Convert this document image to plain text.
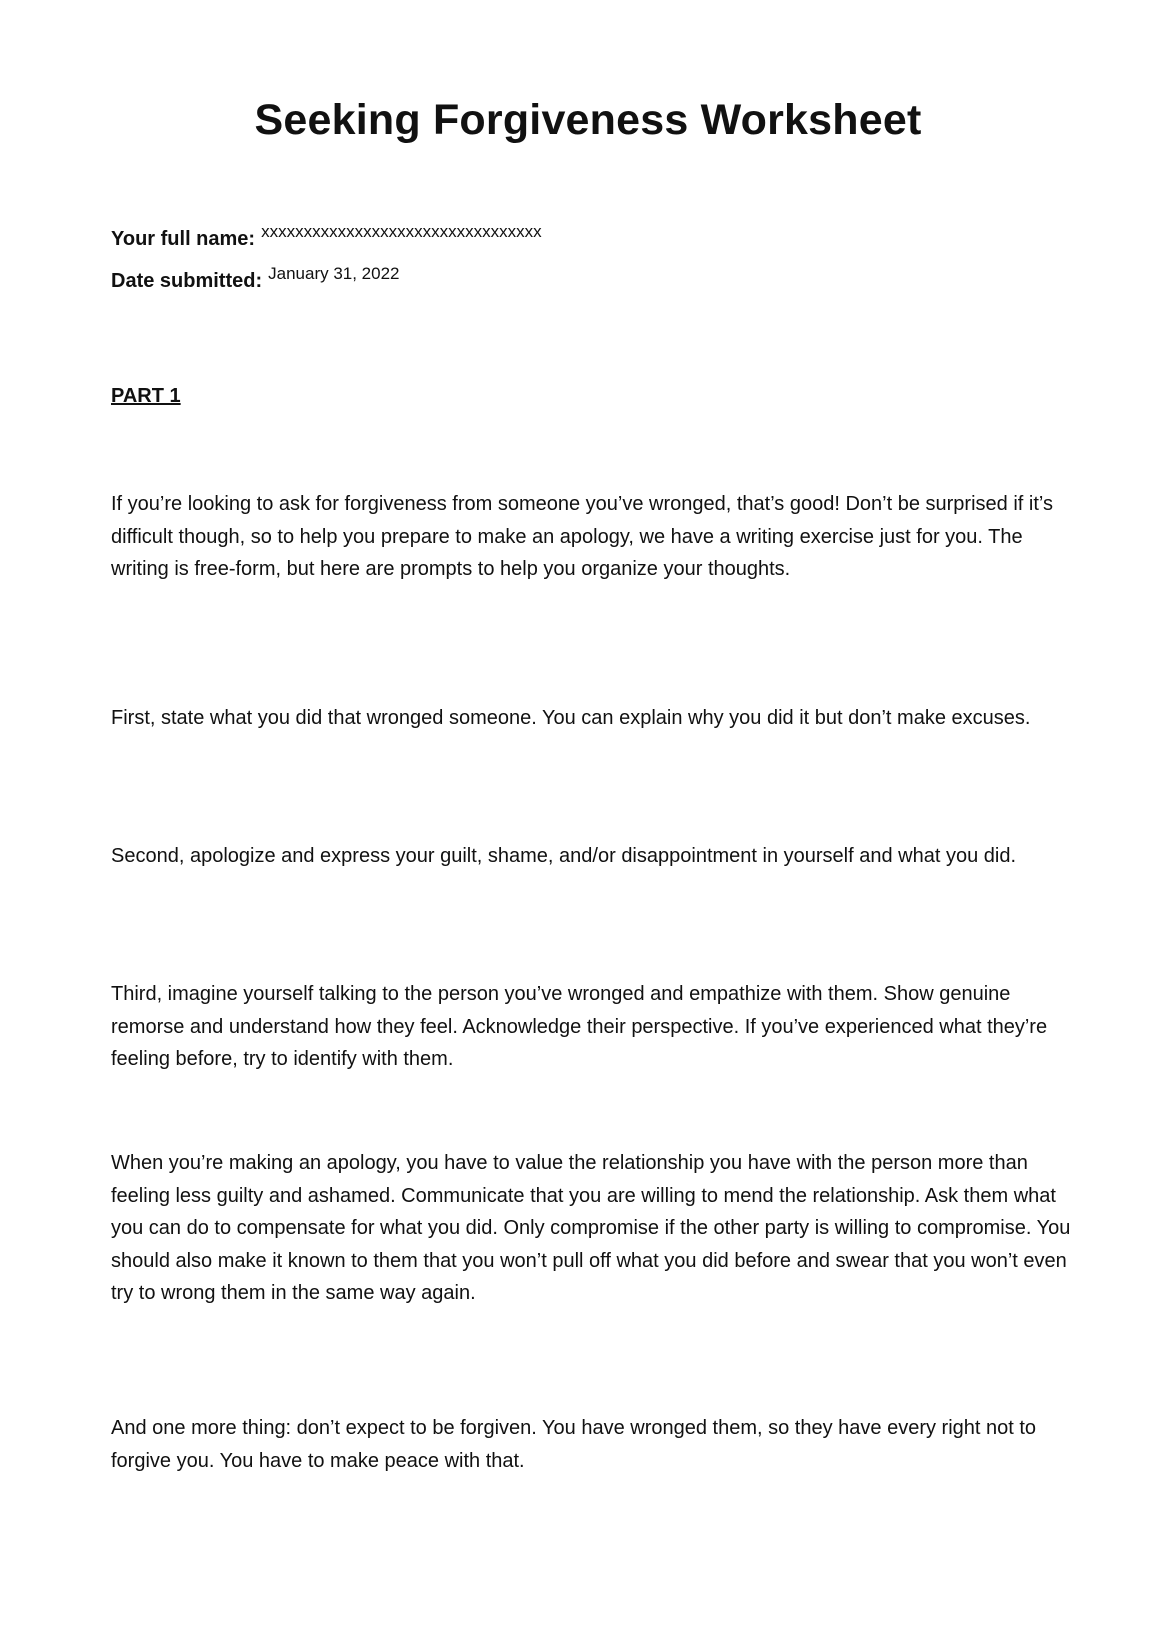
Seeking Forgiveness Worksheet
Your full name: $^{xxxxxxxxxxxxxxxxxxxxxxxxxxxxxxxxx}$
Date submitted: $^{January 31, 2022}$
PART 1

If you’re looking to ask for forgiveness from someone you’ve wronged, that’s good! Don’t be surprised if it’s difficult though, so to help you prepare to make an apology, we have a writing exercise just for you. The writing is free-form, but here are prompts to help you organize your thoughts.

First, state what you did that wronged someone. You can explain why you did it but don’t make excuses.

Second, apologize and express your guilt, shame, and/or disappointment in yourself and what you did.

Third, imagine yourself talking to the person you’ve wronged and empathize with them. Show genuine remorse and understand how they feel. Acknowledge their perspective. If you’ve experienced what they’re feeling before, try to identify with them.

When you’re making an apology, you have to value the relationship you have with the person more than feeling less guilty and ashamed. Communicate that you are willing to mend the relationship. Ask them what you can do to compensate for what you did. Only compromise if the other party is willing to compromise. You should also make it known to them that you won’t pull off what you did before and swear that you won’t even try to wrong them in the same way again.

And one more thing: don’t expect to be forgiven. You have wronged them, so they have every right not to forgive you. You have to make peace with that.
